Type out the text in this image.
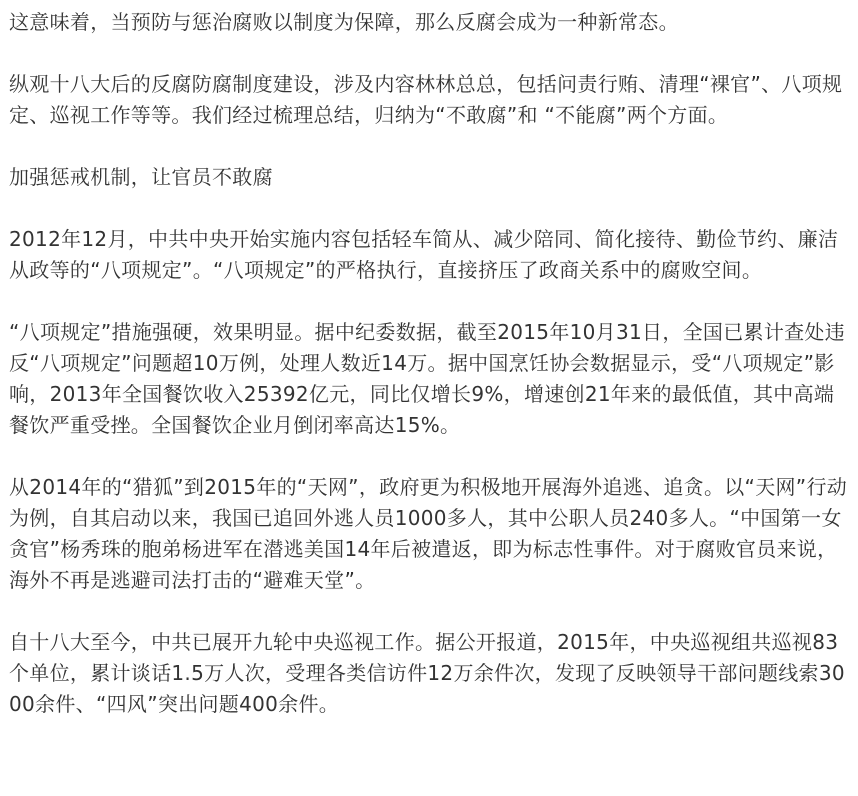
这意味着，当预防与惩治腐败以制度为保障，那么反腐会成为一种新常态。

纵观十八大后的反腐防腐制度建设，涉及内容林林总总，包括问责行贿、清理“裸官”、八项规定、巡视工作等等。我们经过梳理总结，归纳为“不敢腐”和 “不能腐”两个方面。

加强惩戒机制，让官员不敢腐

2012年12月，中共中央开始实施内容包括轻车简从、减少陪同、简化接待、勤俭节约、廉洁从政等的“八项规定”。“八项规定”的严格执行，直接挤压了政商关系中的腐败空间。

“八项规定”措施强硬，效果明显。据中纪委数据，截至2015年10月31日，全国已累计查处违反“八项规定”问题超10万例，处理人数近14万。据中国烹饪协会数据显示，受“八项规定”影响，2013年全国餐饮收入25392亿元，同比仅增长9%，增速创21年来的最低值，其中高端餐饮严重受挫。全国餐饮企业月倒闭率高达15%。

从2014年的“猎狐”到2015年的“天网”，政府更为积极地开展海外追逃、追贪。以“天网”行动为例，自其启动以来，我国已追回外逃人员1000多人，其中公职人员240多人。“中国第一女贪官”杨秀珠的胞弟杨进军在潜逃美国14年后被遣返，即为标志性事件。对于腐败官员来说，海外不再是逃避司法打击的“避难天堂”。

自十八大至今，中共已展开九轮中央巡视工作。据公开报道，2015年，中央巡视组共巡视83个单位，累计谈话1.5万人次，受理各类信访件12万余件次，发现了反映领导干部问题线索3000余件、“四风”突出问题400余件。
